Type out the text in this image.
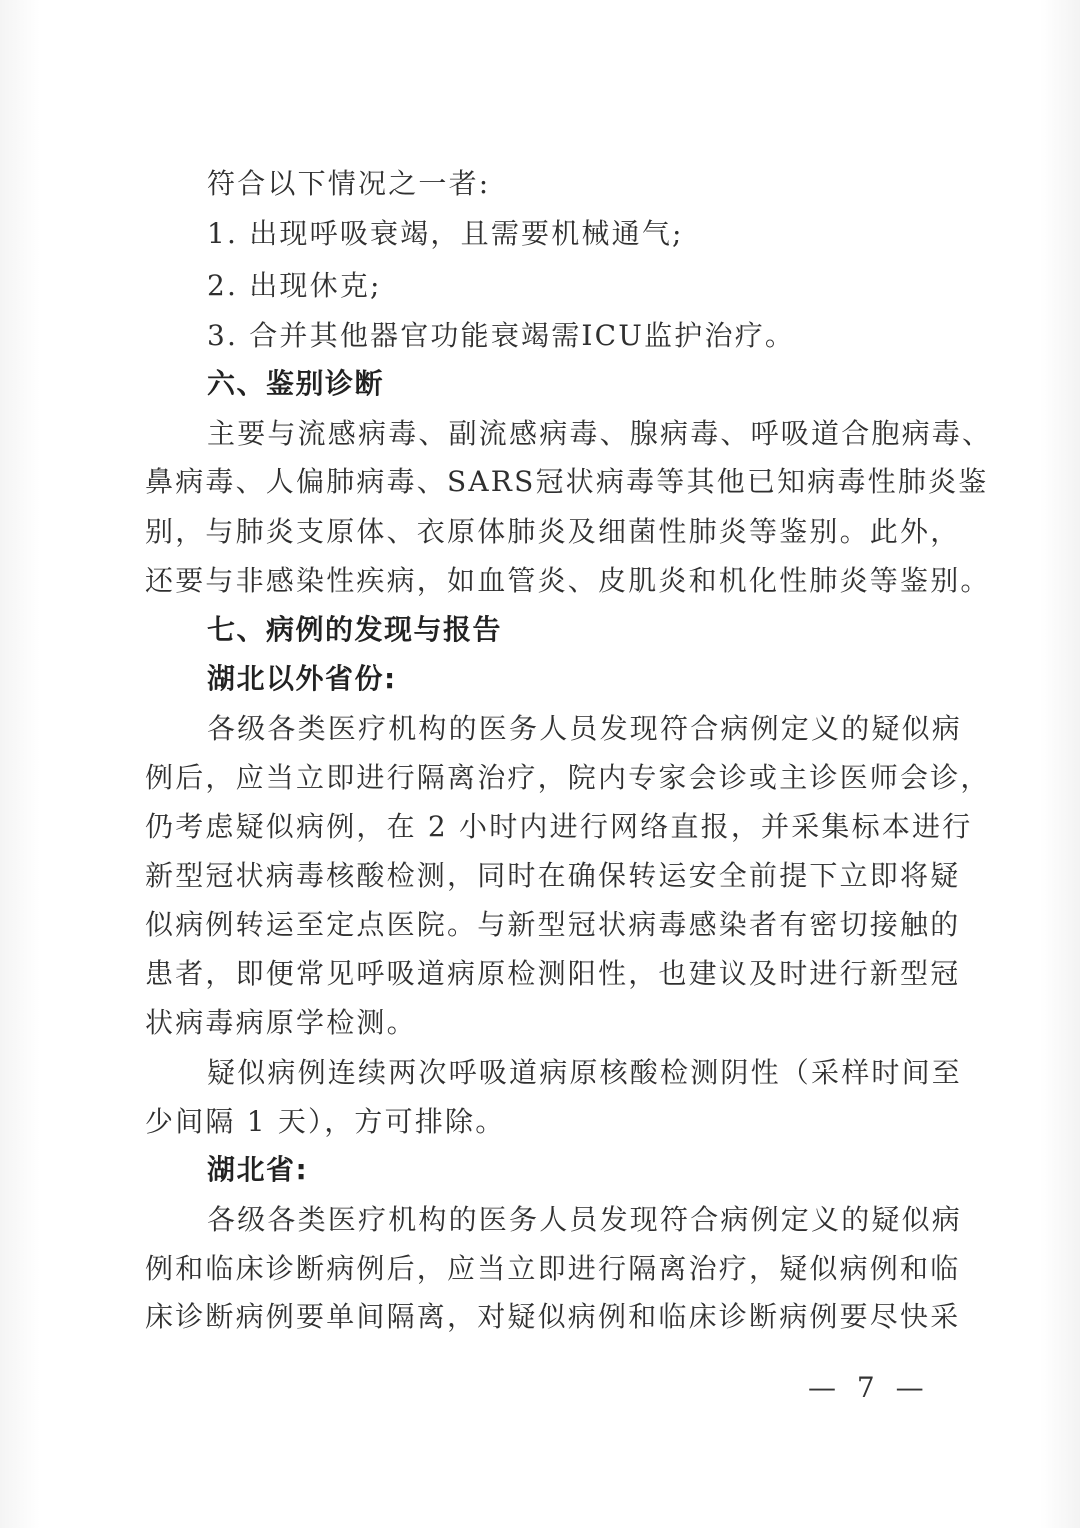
符合以下情况之一者:
1. 出现呼吸衰竭，且需要机械通气;
2. 出现休克;
3. 合并其他器官功能衰竭需ICU监护治疗。
六、鉴别诊断
主要与流感病毒、副流感病毒、腺病毒、呼吸道合胞病毒、
鼻病毒、人偏肺病毒、SARS冠状病毒等其他已知病毒性肺炎鉴
别，与肺炎支原体、衣原体肺炎及细菌性肺炎等鉴别。此外，
还要与非感染性疾病，如血管炎、皮肌炎和机化性肺炎等鉴别。
七、病例的发现与报告
湖北以外省份:
各级各类医疗机构的医务人员发现符合病例定义的疑似病
例后，应当立即进行隔离治疗，院内专家会诊或主诊医师会诊，
仍考虑疑似病例，在 2 小时内进行网络直报，并采集标本进行
新型冠状病毒核酸检测，同时在确保转运安全前提下立即将疑
似病例转运至定点医院。与新型冠状病毒感染者有密切接触的
患者，即便常见呼吸道病原检测阳性，也建议及时进行新型冠
状病毒病原学检测。
疑似病例连续两次呼吸道病原核酸检测阴性（采样时间至
少间隔 1 天），方可排除。
湖北省:
各级各类医疗机构的医务人员发现符合病例定义的疑似病
例和临床诊断病例后，应当立即进行隔离治疗，疑似病例和临
床诊断病例要单间隔离，对疑似病例和临床诊断病例要尽快采
— 7 —
